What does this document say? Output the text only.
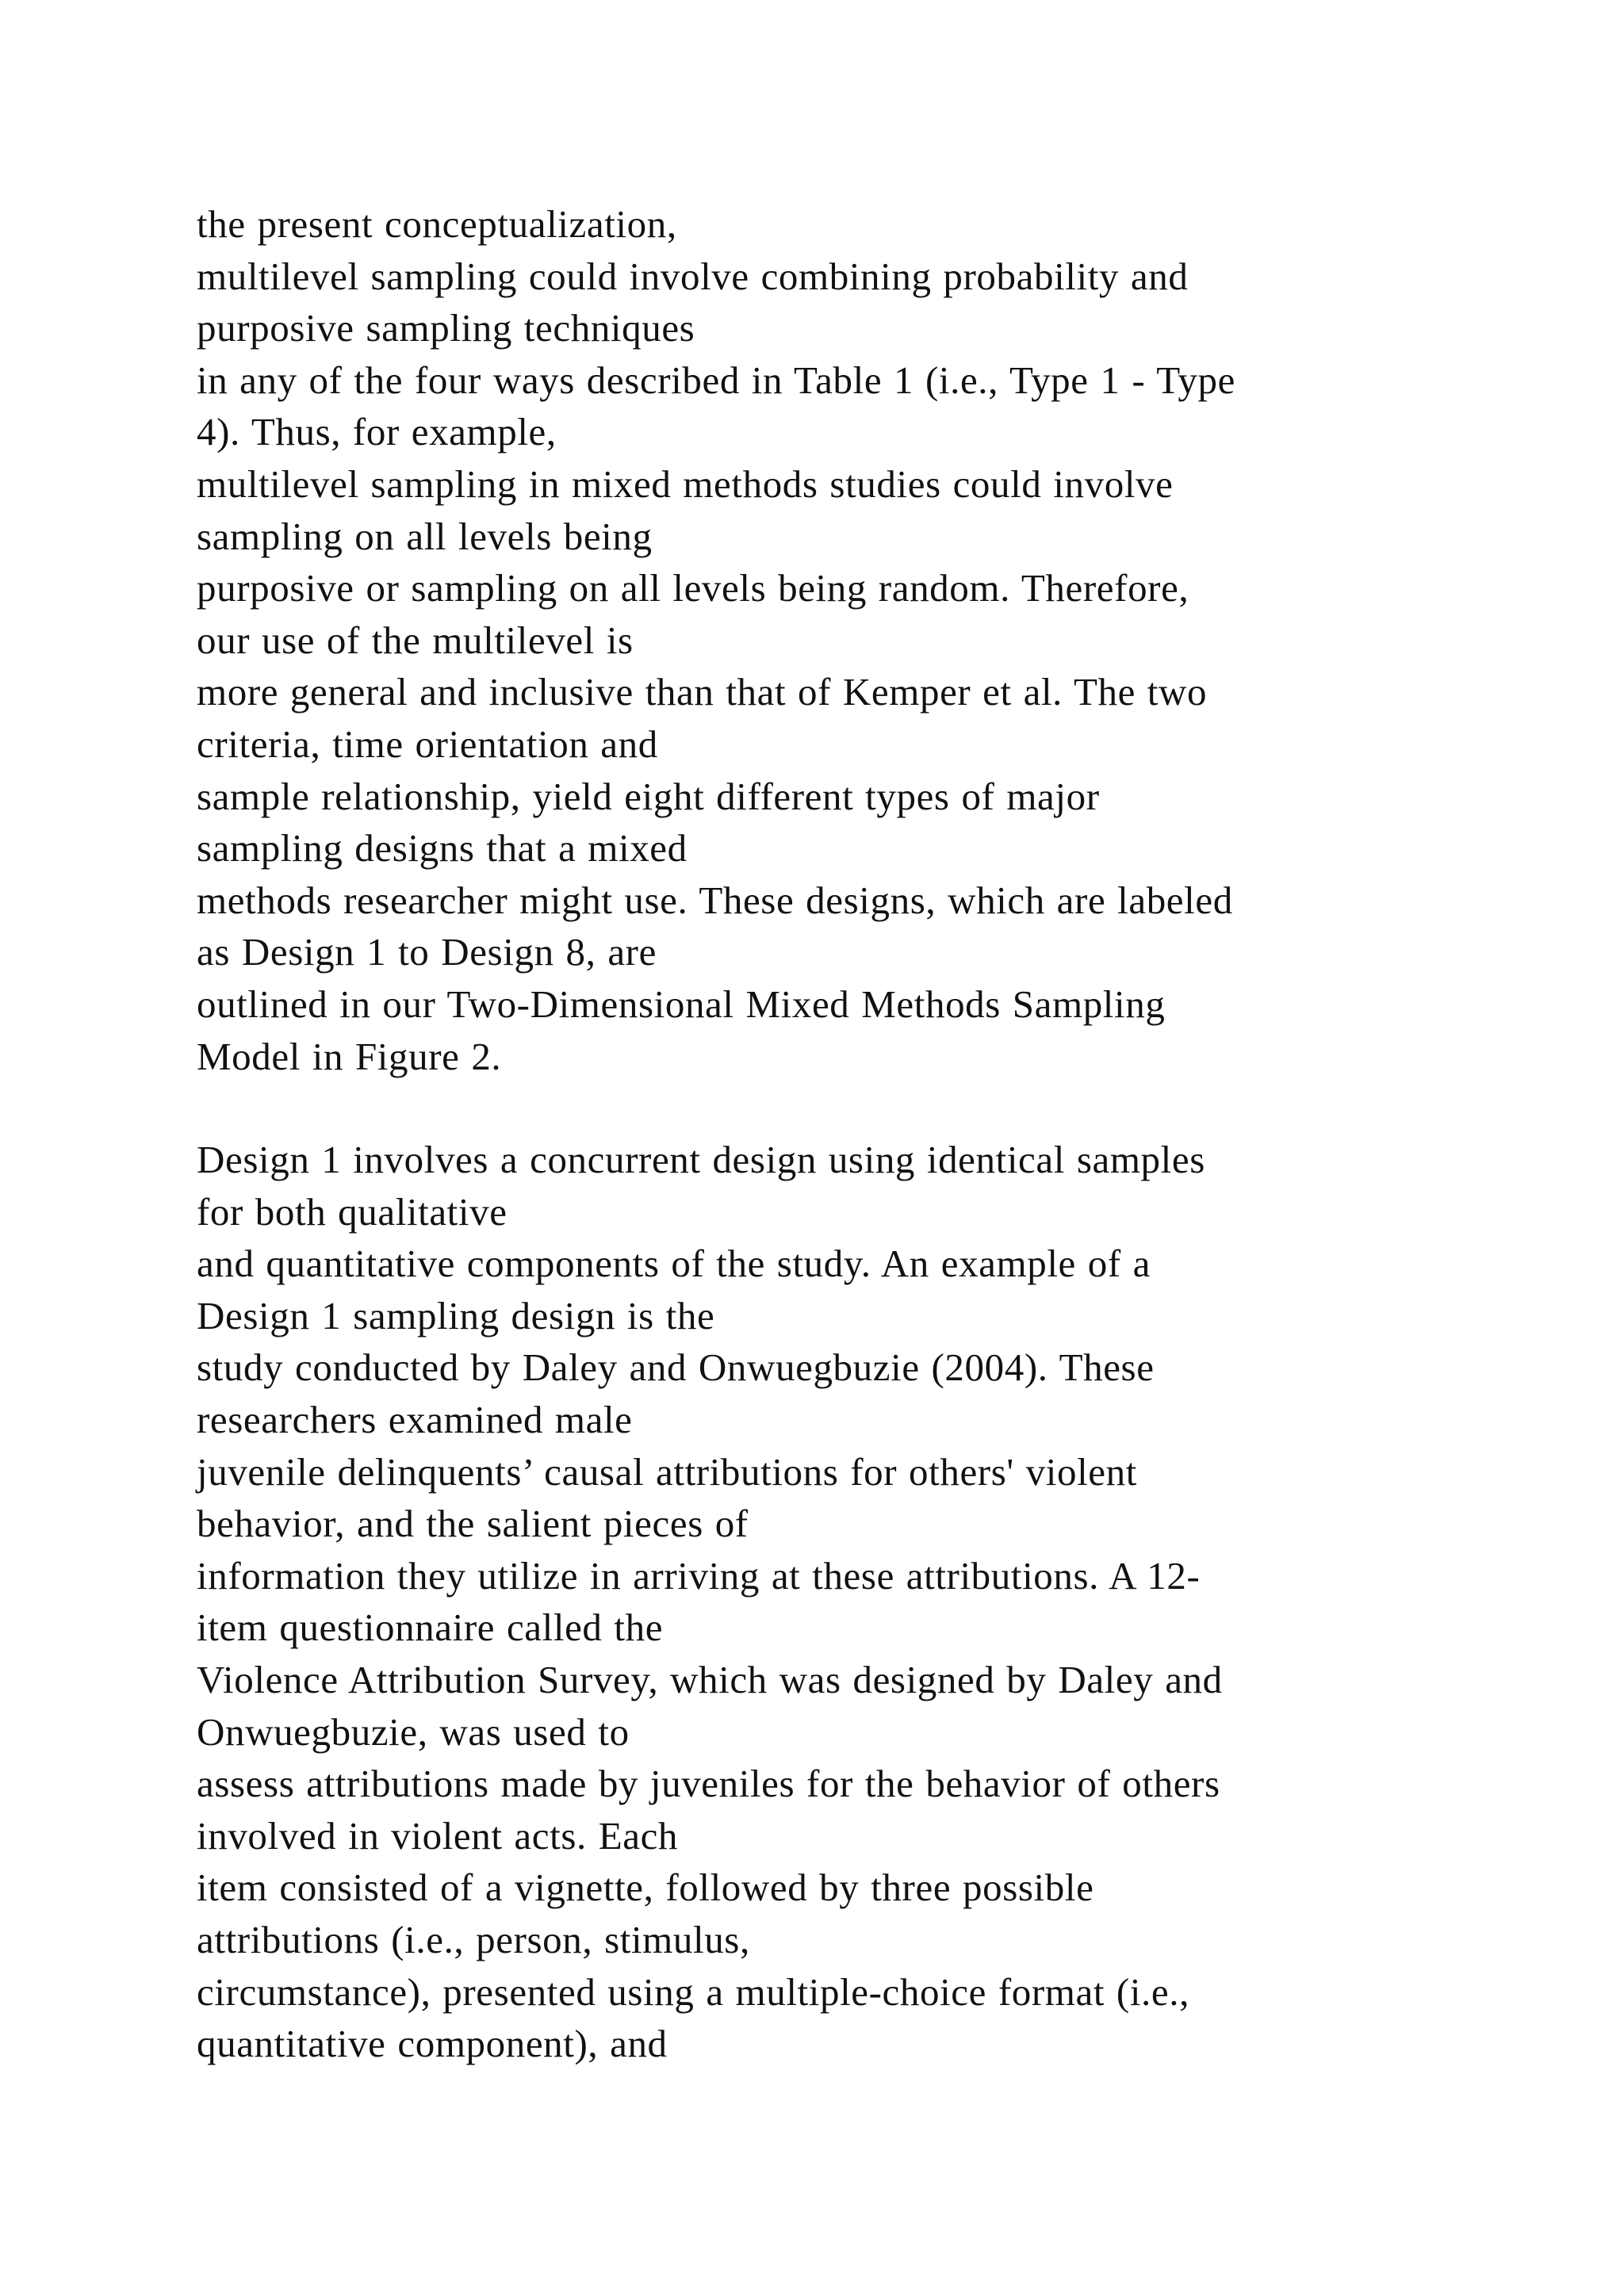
the present conceptualization,
multilevel sampling could involve combining probability and
purposive sampling techniques
in any of the four ways described in Table 1 (i.e., Type 1 - Type
4). Thus, for example,
multilevel sampling in mixed methods studies could involve
sampling on all levels being
purposive or sampling on all levels being random. Therefore,
our use of the multilevel is
more general and inclusive than that of Kemper et al. The two
criteria, time orientation and
sample relationship, yield eight different types of major
sampling designs that a mixed
methods researcher might use. These designs, which are labeled
as Design 1 to Design 8, are
outlined in our Two-Dimensional Mixed Methods Sampling
Model in Figure 2.
Design 1 involves a concurrent design using identical samples
for both qualitative
and quantitative components of the study. An example of a
Design 1 sampling design is the
study conducted by Daley and Onwuegbuzie (2004). These
researchers examined male
juvenile delinquents’ causal attributions for others' violent
behavior, and the salient pieces of
information they utilize in arriving at these attributions. A 12-
item questionnaire called the
Violence Attribution Survey, which was designed by Daley and
Onwuegbuzie, was used to
assess attributions made by juveniles for the behavior of others
involved in violent acts. Each
item consisted of a vignette, followed by three possible
attributions (i.e., person, stimulus,
circumstance), presented using a multiple-choice format (i.e.,
quantitative component), and
